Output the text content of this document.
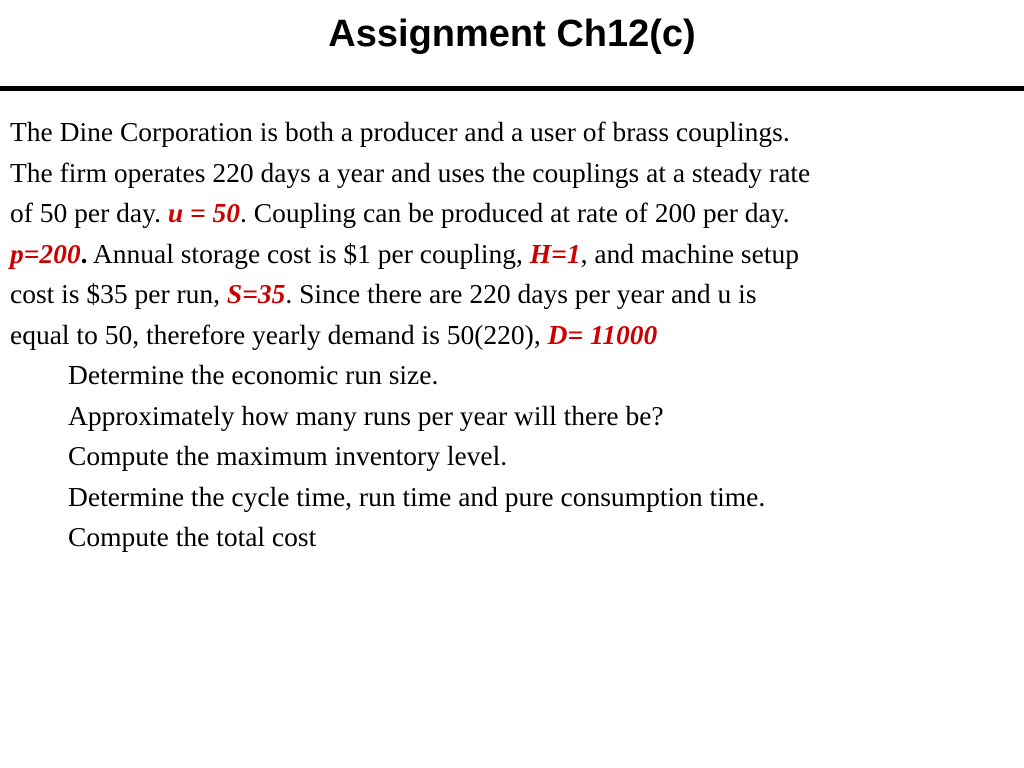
Assignment Ch12(c)
The Dine Corporation is both a producer and a user of brass couplings.
The firm operates 220 days a year and uses the couplings at a steady rate
of 50 per day. u = 50. Coupling can be produced at rate of 200 per day.
p=200. Annual storage cost is $1 per coupling, H=1, and machine setup
cost is $35 per run, S=35. Since there are 220 days per year and u is
equal to 50, therefore yearly demand is 50(220), D= 11000
Determine the economic run size.
Approximately how many runs per year will there be?
Compute the maximum inventory level.
Determine the cycle time, run time and pure consumption time.
Compute the total cost
